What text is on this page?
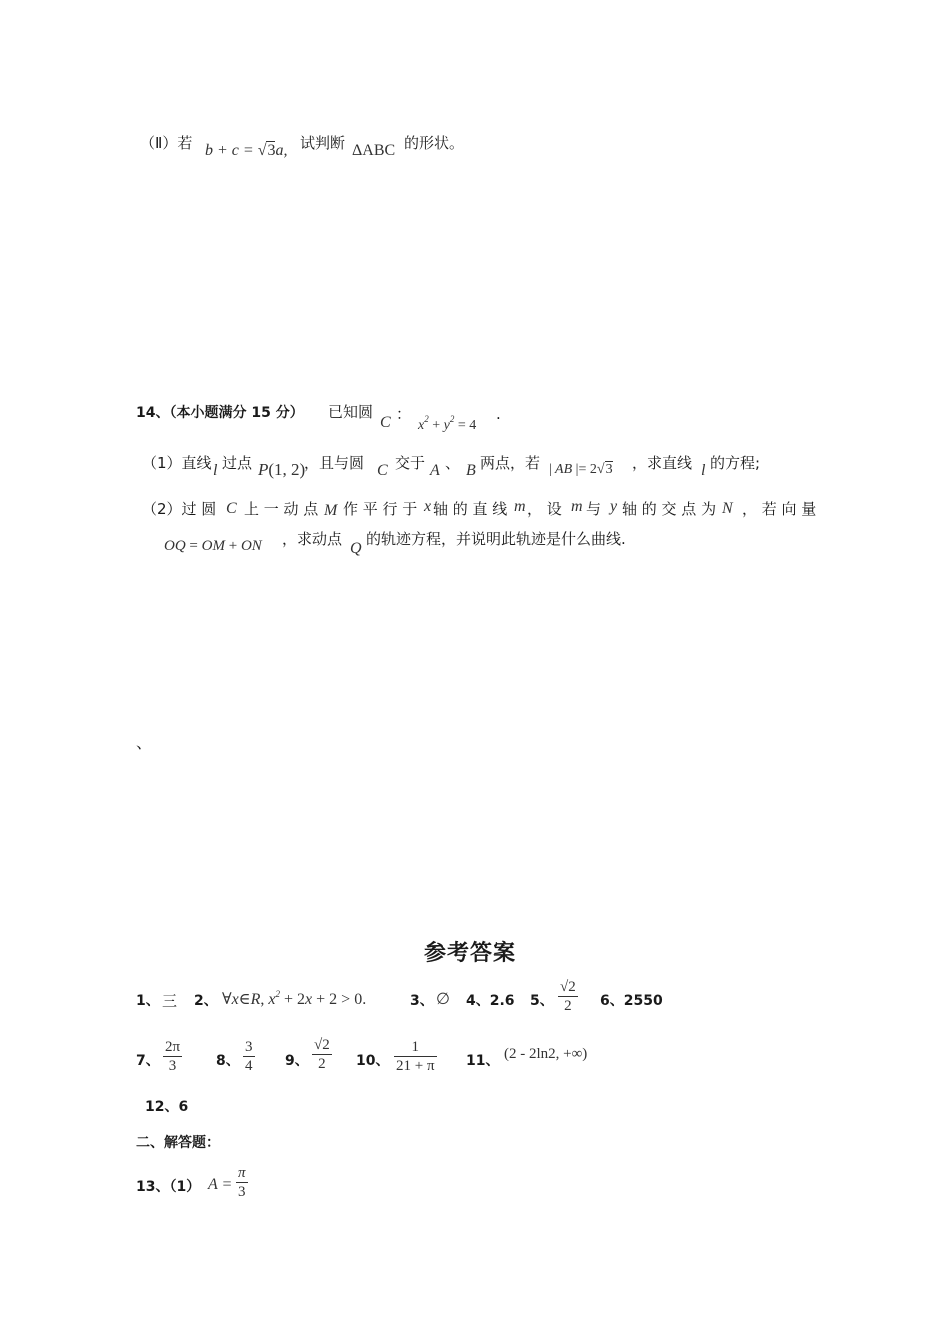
（Ⅱ）若 b + c = √3a, 试判断 ΔABC 的形状。
14、（本小题满分 15 分） 已知圆
C ：
$x^2 + y^2 = 4$
.
（1）直线 l 过点 P(1, 2)
，且与圆 C 交于 A 、 B 两点，若 | AB |= 2√3 ，求直线 l 的方程;
（2）过 圆 C 上 一 动 点 M 作 平 行 于 x 轴 的 直 线 m ， 设 m 与 y 轴 的 交 点 为 N ， 若 向 量
OQ = OM + ON ，求动点
Q
的轨迹方程，并说明此轨迹是什么曲线.
、
参考答案
1、 三 2、 ∀x∈R, $x^2 + 2x + 2 > 0$.	3、 ∅ 4、2.6 5、
√2
2 6、2550
7、
2π
3	8、
3
4 9、
√2
2 10、
1
21 + π 11、 (2 - 2ln2, +∞)
12、6
二、解答题：
13、（1） A =
π
3
